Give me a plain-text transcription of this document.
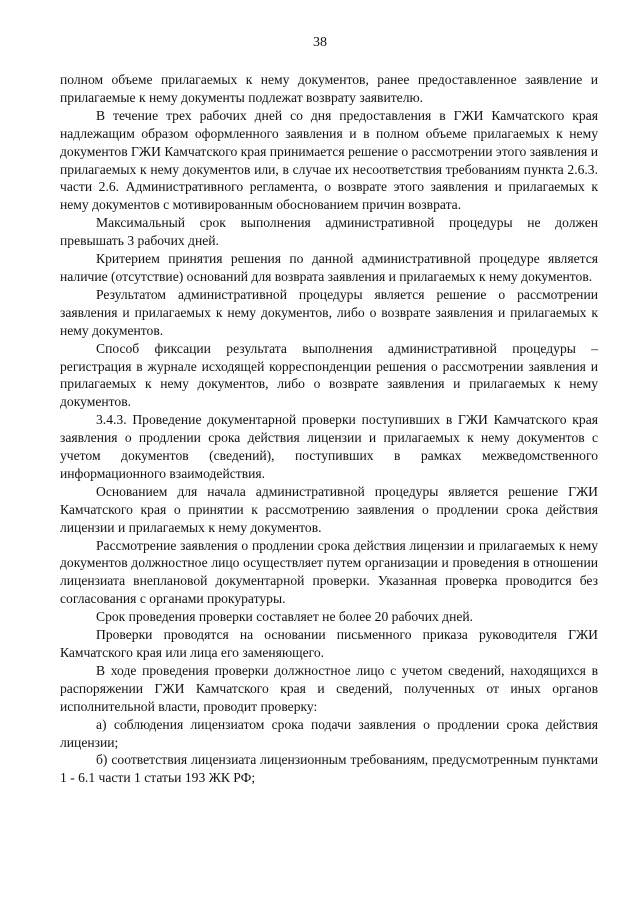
38

полном объеме прилагаемых к нему документов, ранее предоставленное заявление и прилагаемые к нему документы подлежат возврату заявителю.

В течение трех рабочих дней со дня предоставления в ГЖИ Камчатского края надлежащим образом оформленного заявления и в полном объеме прилагаемых к нему документов ГЖИ Камчатского края принимается решение о рассмотрении этого заявления и прилагаемых к нему документов или, в случае их несоответствия требованиям пункта 2.6.3. части 2.6. Административного регламента, о возврате этого заявления и прилагаемых к нему документов с мотивированным обоснованием причин возврата.

Максимальный срок выполнения административной процедуры не должен превышать 3 рабочих дней.

Критерием принятия решения по данной административной процедуре является наличие (отсутствие) оснований для возврата заявления и прилагаемых к нему документов.

Результатом административной процедуры является решение о рассмотрении заявления и прилагаемых к нему документов, либо о возврате заявления и прилагаемых к нему документов.

Способ фиксации результата выполнения административной процедуры – регистрация в журнале исходящей корреспонденции решения о рассмотрении заявления и прилагаемых к нему документов, либо о возврате заявления и прилагаемых к нему документов.

3.4.3. Проведение документарной проверки поступивших в ГЖИ Камчатского края заявления о продлении срока действия лицензии и прилагаемых к нему документов с учетом документов (сведений), поступивших в рамках межведомственного информационного взаимодействия.

Основанием для начала административной процедуры является решение ГЖИ Камчатского края о принятии к рассмотрению заявления о продлении срока действия лицензии и прилагаемых к нему документов.

Рассмотрение заявления о продлении срока действия лицензии и прилагаемых к нему документов должностное лицо осуществляет путем организации и проведения в отношении лицензиата внеплановой документарной проверки. Указанная проверка проводится без согласования с органами прокуратуры.

Срок проведения проверки составляет не более 20 рабочих дней.

Проверки проводятся на основании письменного приказа руководителя ГЖИ Камчатского края или лица его заменяющего.

В ходе проведения проверки должностное лицо с учетом сведений, находящихся в распоряжении ГЖИ Камчатского края и сведений, полученных от иных органов исполнительной власти, проводит проверку:

а) соблюдения лицензиатом срока подачи заявления о продлении срока действия лицензии;

б) соответствия лицензиата лицензионным требованиям, предусмотренным пунктами 1 - 6.1 части 1 статьи 193 ЖК РФ;
